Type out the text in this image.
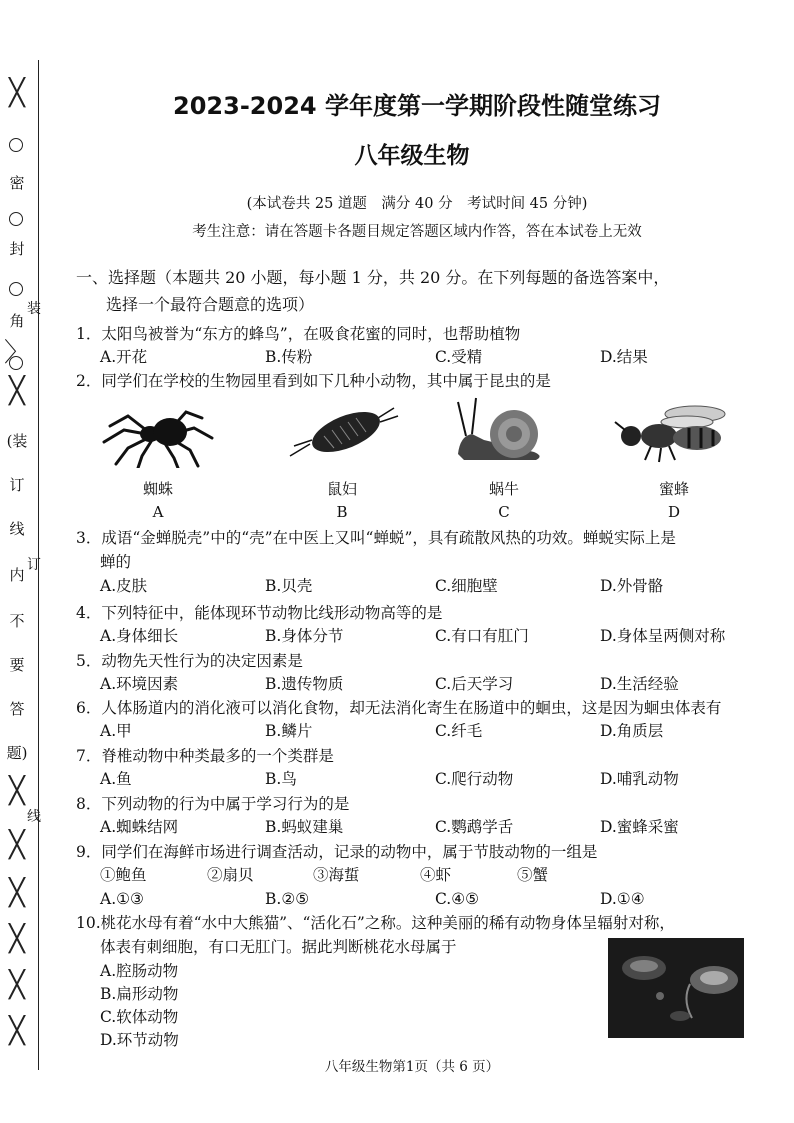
╳
密
封
装
角
〉
╳
(装
订
线
订
内
不
要
答
题)
╳
线
╳
╳
╳
╳
╳
2023-2024 学年度第一学期阶段性随堂练习
八年级生物
(本试卷共 25 道题　满分 40 分　考试时间 45 分钟)
考生注意：请在答题卡各题目规定答题区域内作答，答在本试卷上无效
一、选择题（本题共 20 小题，每小题 1 分，共 20 分。在下列每题的备选答案中，
选择一个最符合题意的选项）
1．太阳鸟被誉为“东方的蜂鸟”，在吸食花蜜的同时，也帮助植物
A.开花	B.传粉	C.受精	D.结果
2．同学们在学校的生物园里看到如下几种小动物，其中属于昆虫的是
蜘蛛
A
鼠妇
B
蜗牛
C
蜜蜂
D
3．成语“金蝉脱壳”中的“壳”在中医上又叫“蝉蜕”，具有疏散风热的功效。蝉蜕实际上是
蝉的
A.皮肤	B.贝壳	C.细胞壁	D.外骨骼
4．下列特征中，能体现环节动物比线形动物高等的是
A.身体细长	B.身体分节	C.有口有肛门	D.身体呈两侧对称
5．动物先天性行为的决定因素是
A.环境因素	B.遗传物质	C.后天学习	D.生活经验
6．人体肠道内的消化液可以消化食物，却无法消化寄生在肠道中的蛔虫，这是因为蛔虫体表有
A.甲	B.鳞片	C.纤毛	D.角质层
7．脊椎动物中种类最多的一个类群是
A.鱼	B.鸟	C.爬行动物	D.哺乳动物
8．下列动物的行为中属于学习行为的是
A.蜘蛛结网	B.蚂蚁建巢	C.鹦鹉学舌	D.蜜蜂采蜜
9．同学们在海鲜市场进行调查活动，记录的动物中，属于节肢动物的一组是
①鲍鱼	②扇贝	③海蜇	④虾	⑤蟹
A.①③	B.②⑤	C.④⑤	D.①④
10.桃花水母有着“水中大熊猫”、“活化石”之称。这种美丽的稀有动物身体呈辐射对称，
体表有刺细胞，有口无肛门。据此判断桃花水母属于
A.腔肠动物
B.扁形动物
C.软体动物
D.环节动物
八年级生物第1页（共 6 页）
